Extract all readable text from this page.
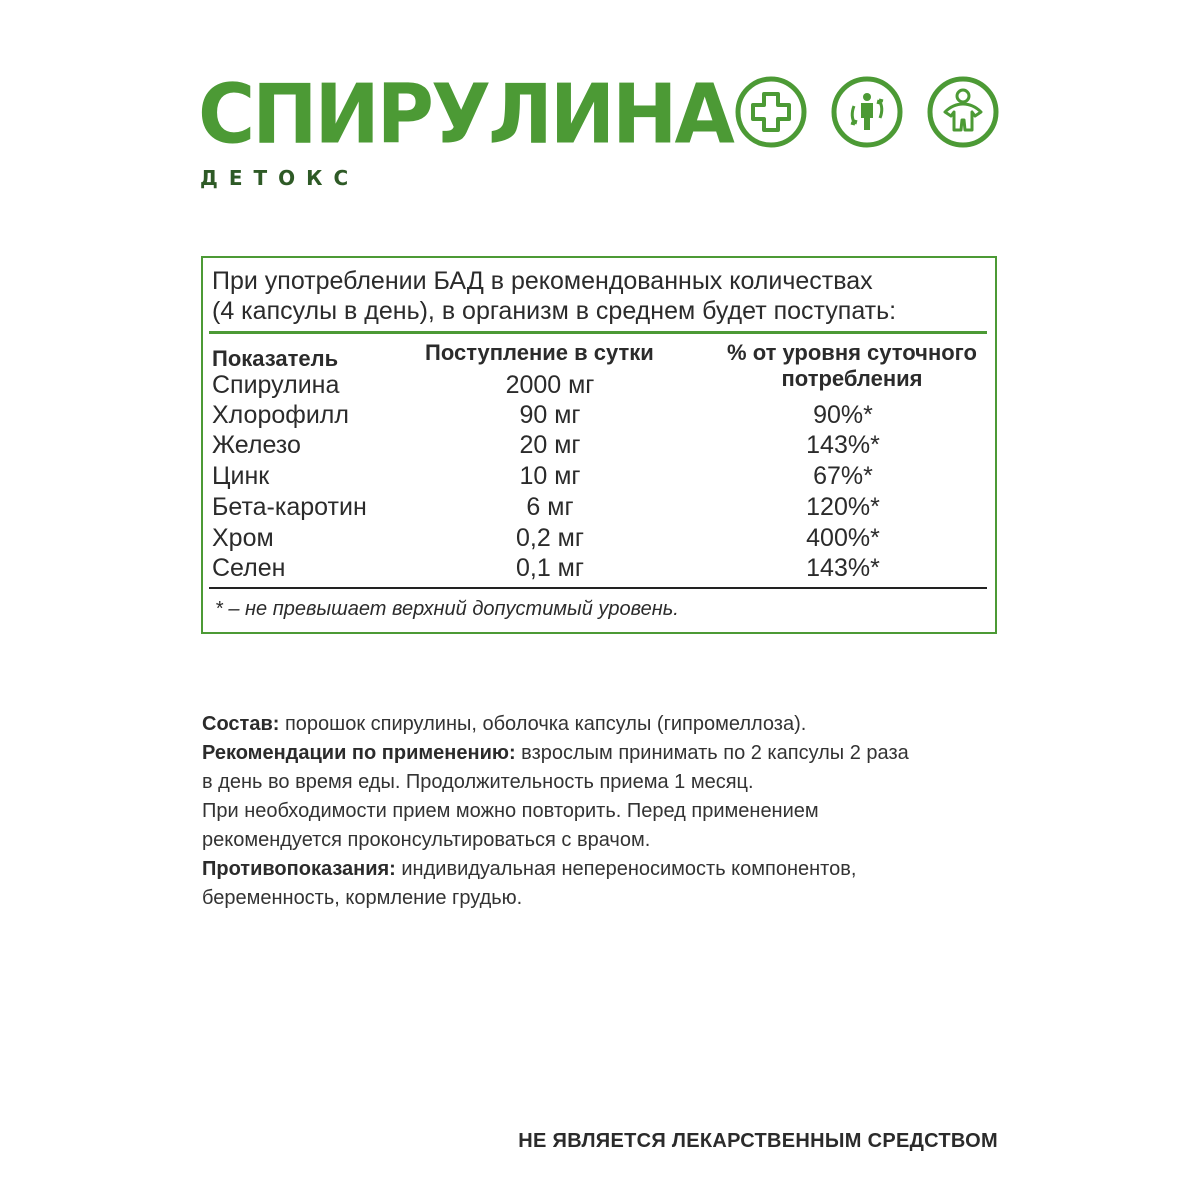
СПИРУЛИНА
ДЕТОКС
При употреблении БАД в рекомендованных количествах
(4 капсулы в день), в организм в среднем будет поступать:
Показатель	Поступление в сутки	% от уровня суточного
потребления
Спирулина	2000 мг
Хлорофилл	90 мг	90%*
Железо	20 мг	143%*
Цинк	10 мг	67%*
Бета-каротин	6 мг	120%*
Хром	0,2 мг	400%*
Селен	0,1 мг	143%*
* – не превышает верхний допустимый уровень.

Состав: порошок спирулины, оболочка капсулы (гипромеллоза).

Рекомендации по применению: взрослым принимать по 2 капсулы 2 раза

в день во время еды. Продолжительность приема 1 месяц.

При необходимости прием можно повторить. Перед применением

рекомендуется проконсультироваться с врачом.

Противопоказания: индивидуальная непереносимость компонентов,

беременность, кормление грудью.

НЕ ЯВЛЯЕТСЯ ЛЕКАРСТВЕННЫМ СРЕДСТВОМ
